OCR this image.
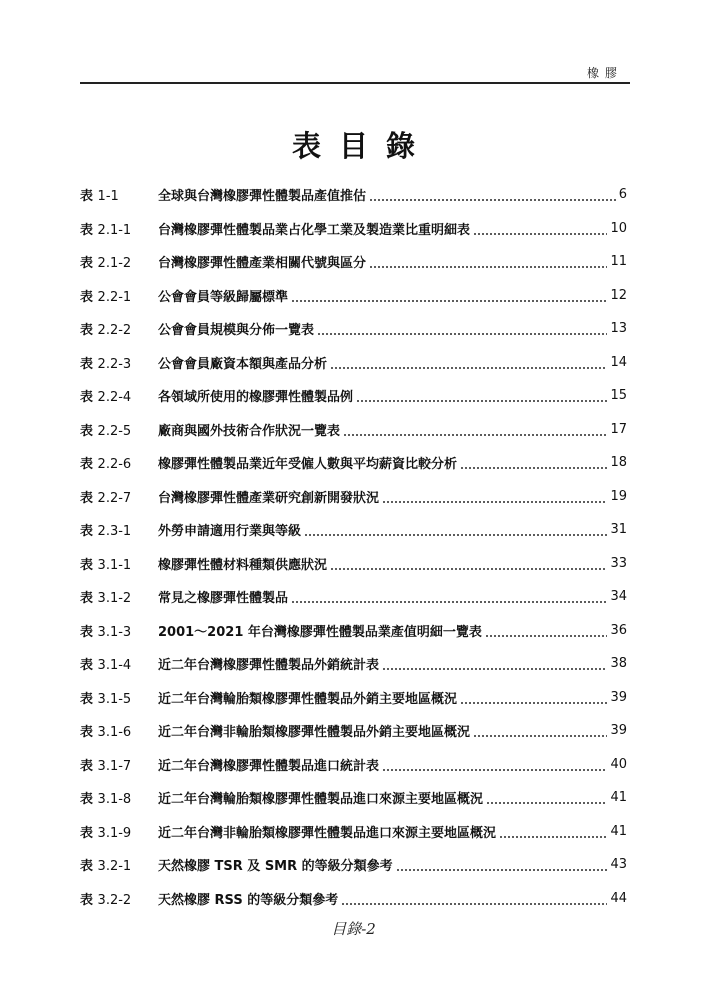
橡膠
表目錄
表 1-1	全球與台灣橡膠彈性體製品產值推估	6
表 2.1-1	台灣橡膠彈性體製品業占化學工業及製造業比重明細表	10
表 2.1-2	台灣橡膠彈性體產業相關代號與區分	11
表 2.2-1	公會會員等級歸屬標準	12
表 2.2-2	公會會員規模與分佈一覽表	13
表 2.2-3	公會會員廠資本額與產品分析	14
表 2.2-4	各領域所使用的橡膠彈性體製品例	15
表 2.2-5	廠商與國外技術合作狀況一覽表	17
表 2.2-6	橡膠彈性體製品業近年受僱人數與平均薪資比較分析	18
表 2.2-7	台灣橡膠彈性體產業研究創新開發狀況	19
表 2.3-1	外勞申請適用行業與等級	31
表 3.1-1	橡膠彈性體材料種類供應狀況	33
表 3.1-2	常見之橡膠彈性體製品	34
表 3.1-3	2001～2021 年台灣橡膠彈性體製品業產值明細一覽表	36
表 3.1-4	近二年台灣橡膠彈性體製品外銷統計表	38
表 3.1-5	近二年台灣輪胎類橡膠彈性體製品外銷主要地區概況	39
表 3.1-6	近二年台灣非輪胎類橡膠彈性體製品外銷主要地區概況	39
表 3.1-7	近二年台灣橡膠彈性體製品進口統計表	40
表 3.1-8	近二年台灣輪胎類橡膠彈性體製品進口來源主要地區概況	41
表 3.1-9	近二年台灣非輪胎類橡膠彈性體製品進口來源主要地區概況	41
表 3.2-1	天然橡膠 TSR 及 SMR 的等級分類參考	43
表 3.2-2	天然橡膠 RSS 的等級分類參考	44
目錄-2
